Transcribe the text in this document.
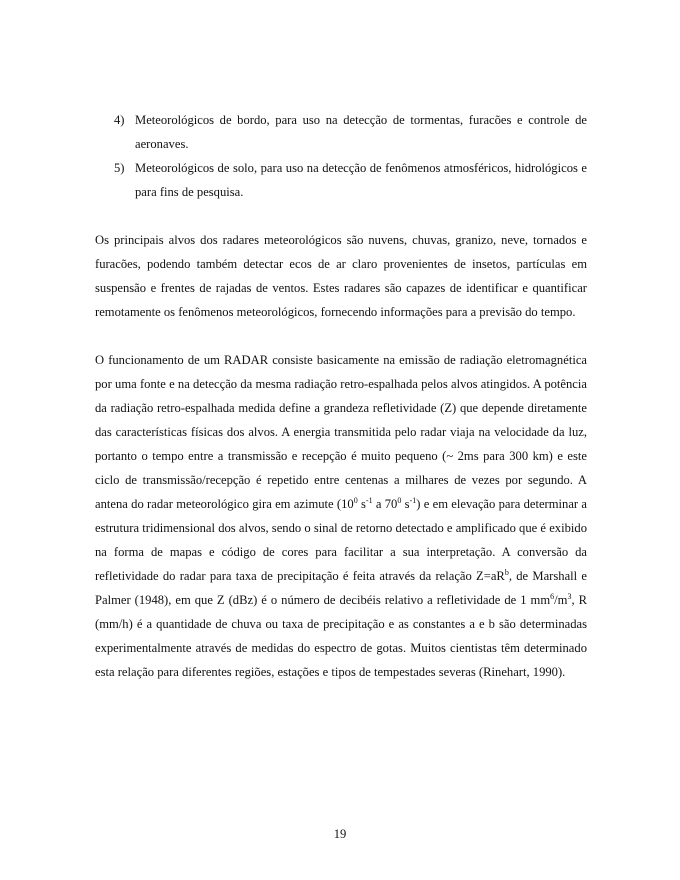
4) Meteorológicos de bordo, para uso na detecção de tormentas, furacões e controle de aeronaves.
5) Meteorológicos de solo, para uso na detecção de fenômenos atmosféricos, hidrológicos e para fins de pesquisa.

Os principais alvos dos radares meteorológicos são nuvens, chuvas, granizo, neve, tornados e furacões, podendo também detectar ecos de ar claro provenientes de insetos, partículas em suspensão e frentes de rajadas de ventos. Estes radares são capazes de identificar e quantificar remotamente os fenômenos meteorológicos, fornecendo informações para a previsão do tempo.

O funcionamento de um RADAR consiste basicamente na emissão de radiação eletromagnética por uma fonte e na detecção da mesma radiação retro-espalhada pelos alvos atingidos. A potência da radiação retro-espalhada medida define a grandeza refletividade (Z) que depende diretamente das características físicas dos alvos. A energia transmitida pelo radar viaja na velocidade da luz, portanto o tempo entre a transmissão e recepção é muito pequeno (~ 2ms para 300 km) e este ciclo de transmissão/recepção é repetido entre centenas a milhares de vezes por segundo. A antena do radar meteorológico gira em azimute ($10^0$ $s^{-1}$ a $70^0$ $s^{-1}$) e em elevação para determinar a estrutura tridimensional dos alvos, sendo o sinal de retorno detectado e amplificado que é exibido na forma de mapas e código de cores para facilitar a sua interpretação. A conversão da refletividade do radar para taxa de precipitação é feita através da relação $Z=aR^b$, de Marshall e Palmer (1948), em que Z (dBz) é o número de decibéis relativo a refletividade de 1 $mm^6/m^3$, R (mm/h) é a quantidade de chuva ou taxa de precipitação e as constantes a e b são determinadas experimentalmente através de medidas do espectro de gotas. Muitos cientistas têm determinado esta relação para diferentes regiões, estações e tipos de tempestades severas (Rinehart, 1990).

19
